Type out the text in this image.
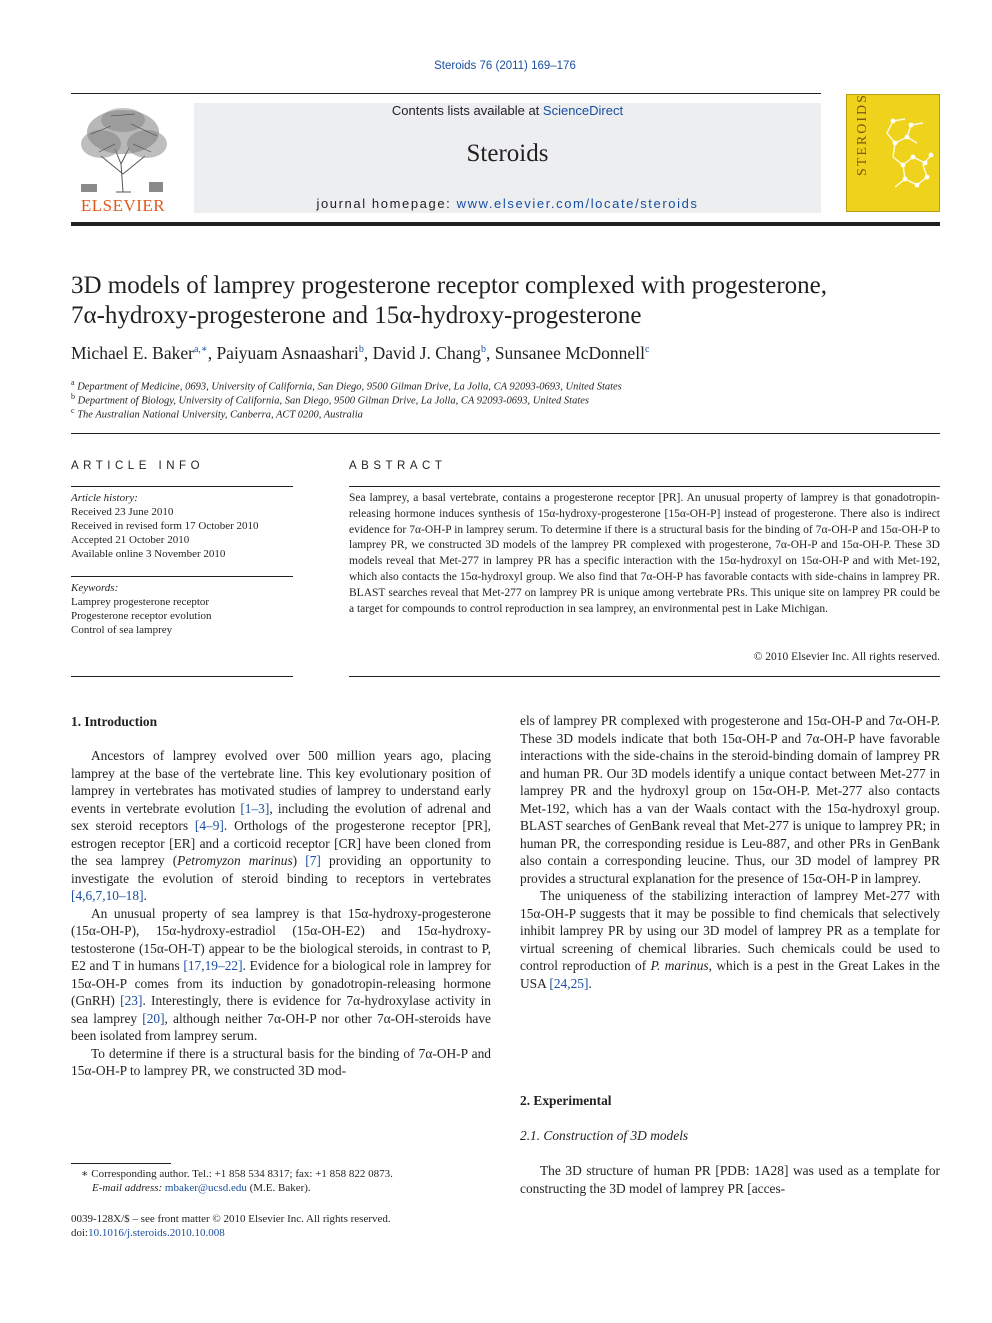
Steroids 76 (2011) 169–176
ELSEVIER
Contents lists available at ScienceDirect
Steroids
journal homepage: www.elsevier.com/locate/steroids
STEROIDS
3D models of lamprey progesterone receptor complexed with progesterone,
7α-hydroxy-progesterone and 15α-hydroxy-progesterone
Michael E. Baker$^{a,∗}$, Paiyuam Asnaashari$^b$, David J. Chang$^b$, Sunsanee McDonnell$^c$
$^a$ Department of Medicine, 0693, University of California, San Diego, 9500 Gilman Drive, La Jolla, CA 92093-0693, United States
$^b$ Department of Biology, University of California, San Diego, 9500 Gilman Drive, La Jolla, CA 92093-0693, United States
$^c$ The Australian National University, Canberra, ACT 0200, Australia
ARTICLE INFO	ABSTRACT
Article history:
Received 23 June 2010
Received in revised form 17 October 2010
Accepted 21 October 2010
Available online 3 November 2010
Keywords:
Lamprey progesterone receptor
Progesterone receptor evolution
Control of sea lamprey
Sea lamprey, a basal vertebrate, contains a progesterone receptor [PR]. An unusual property of lamprey is that gonadotropin-releasing hormone induces synthesis of 15α-hydroxy-progesterone [15α-OH-P] instead of progesterone. There also is indirect evidence for 7α-OH-P in lamprey serum. To determine if there is a structural basis for the binding of 7α-OH-P and 15α-OH-P to lamprey PR, we constructed 3D models of the lamprey PR complexed with progesterone, 7α-OH-P and 15α-OH-P. These 3D models reveal that Met-277 in lamprey PR has a specific interaction with the 15α-hydroxyl on 15α-OH-P and with Met-192, which also contacts the 15α-hydroxyl group. We also find that 7α-OH-P has favorable contacts with side-chains in lamprey PR. BLAST searches reveal that Met-277 on lamprey PR is unique among vertebrate PRs. This unique site on lamprey PR could be a target for compounds to control reproduction in sea lamprey, an environmental pest in Lake Michigan.
© 2010 Elsevier Inc. All rights reserved.
1. Introduction

Ancestors of lamprey evolved over 500 million years ago, placing lamprey at the base of the vertebrate line. This key evolutionary position of lamprey in vertebrates has motivated studies of lamprey to understand early events in vertebrate evolution [1–3], including the evolution of adrenal and sex steroid receptors [4–9]. Orthologs of the progesterone receptor [PR], estrogen receptor [ER] and a corticoid receptor [CR] have been cloned from the sea lamprey (Petromyzon marinus) [7] providing an opportunity to investigate the evolution of steroid binding to receptors in vertebrates [4,6,7,10–18].

An unusual property of sea lamprey is that 15α-hydroxy-progesterone (15α-OH-P), 15α-hydroxy-estradiol (15α-OH-E2) and 15α-hydroxy-testosterone (15α-OH-T) appear to be the biological steroids, in contrast to P, E2 and T in humans [17,19–22]. Evidence for a biological role in lamprey for 15α-OH-P comes from its induction by gonadotropin-releasing hormone (GnRH) [23]. Interestingly, there is evidence for 7α-hydroxylase activity in sea lamprey [20], although neither 7α-OH-P nor other 7α-OH-steroids have been isolated from lamprey serum.

To determine if there is a structural basis for the binding of 7α-OH-P and 15α-OH-P to lamprey PR, we constructed 3D mod-

els of lamprey PR complexed with progesterone and 15α-OH-P and 7α-OH-P. These 3D models indicate that both 15α-OH-P and 7α-OH-P have favorable interactions with the side-chains in the steroid-binding domain of lamprey PR and human PR. Our 3D models identify a unique contact between Met-277 in lamprey PR and the hydroxyl group on 15α-OH-P. Met-277 also contacts Met-192, which has a van der Waals contact with the 15α-hydroxyl group. BLAST searches of GenBank reveal that Met-277 is unique to lamprey PR; in human PR, the corresponding residue is Leu-887, and other PRs in GenBank also contain a corresponding leucine. Thus, our 3D model of lamprey PR provides a structural explanation for the presence of 15α-OH-P in lamprey.

The uniqueness of the stabilizing interaction of lamprey Met-277 with 15α-OH-P suggests that it may be possible to find chemicals that selectively inhibit lamprey PR by using our 3D model of lamprey PR as a template for virtual screening of chemical libraries. Such chemicals could be used to control reproduction of P. marinus, which is a pest in the Great Lakes in the USA [24,25].

2. Experimental
2.1. Construction of 3D models

The 3D structure of human PR [PDB: 1A28] was used as a template for constructing the 3D model of lamprey PR [acces-

∗ Corresponding author. Tel.: +1 858 534 8317; fax: +1 858 822 0873.
E-mail address: mbaker@ucsd.edu (M.E. Baker).
0039-128X/$ – see front matter © 2010 Elsevier Inc. All rights reserved.
doi:10.1016/j.steroids.2010.10.008
